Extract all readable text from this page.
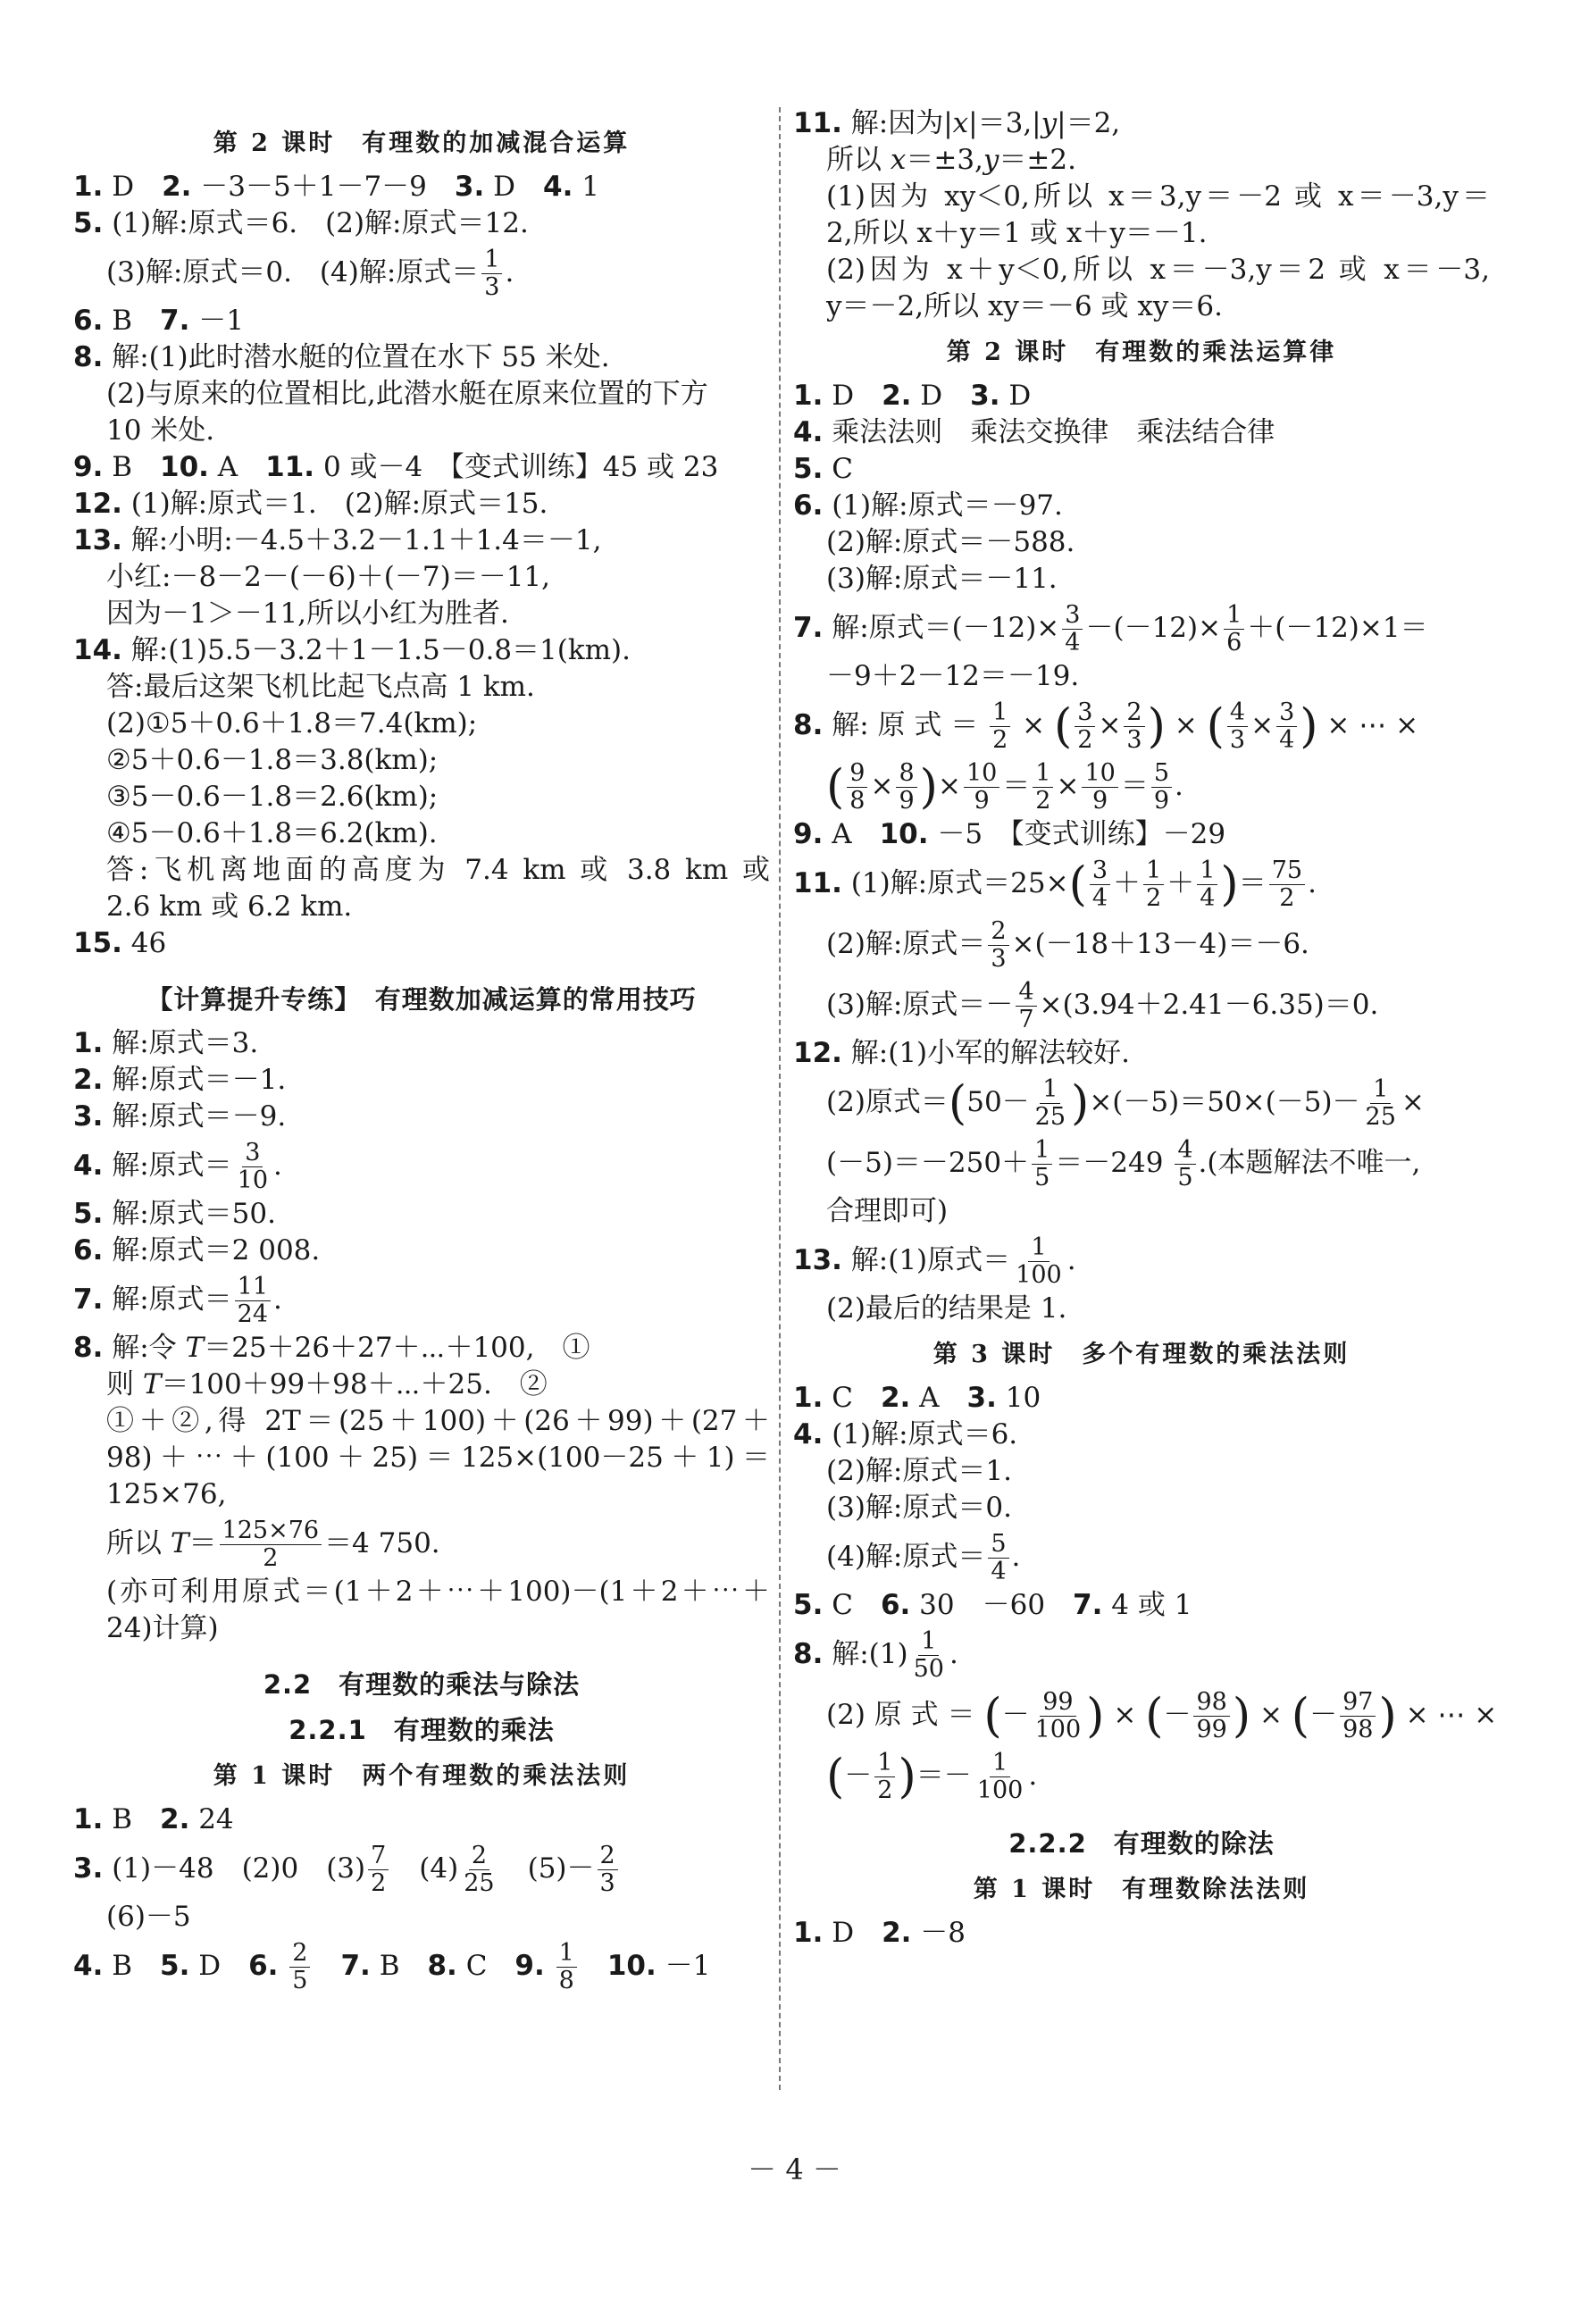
第 2 课时　有理数的加减混合运算
1. D　2. －3－5＋1－7－9　3. D　4. 1
5. (1)解:原式＝6.　(2)解:原式＝12.
(3)解:原式＝0.　(4)解:原式＝ $\frac{1}{3}$ .
6. B　7. －1
8. 解:(1)此时潜水艇的位置在水下 55 米处.
(2)与原来的位置相比,此潜水艇在原来位置的下方
10 米处.
9. B　10. A　11. 0 或－4　【变式训练】45 或 23
12. (1)解:原式＝1.　(2)解:原式＝15.
13. 解:小明:－4.5＋3.2－1.1＋1.4＝－1,
小红:－8－2－(－6)＋(－7)＝－11,
因为－1＞－11,所以小红为胜者.
14. 解:(1)5.5－3.2＋1－1.5－0.8＝1(km).
答:最后这架飞机比起飞点高 1 km.
(2)①5＋0.6＋1.8＝7.4(km);
②5＋0.6－1.8＝3.8(km);
③5－0.6－1.8＝2.6(km);
④5－0.6＋1.8＝6.2(km).
答:飞机离地面的高度为 7.4 km 或 3.8 km 或
2.6 km 或 6.2 km.
15. 46
【计算提升专练】　有理数加减运算的常用技巧
1. 解:原式＝3.
2. 解:原式＝－1.
3. 解:原式＝－9.
4. 解:原式＝ $\frac{3}{10}$ .
5. 解:原式＝50.
6. 解:原式＝2 008.
7. 解:原式＝ $\frac{11}{24}$ .
8. 解:令 T＝25＋26＋27＋⋯＋100,　①
则 T＝100＋99＋98＋⋯＋25.　②
①＋②,得 2T＝(25＋100)＋(26＋99)＋(27＋
98)＋⋯＋(100＋25)＝125×(100－25＋1)＝
125×76,
所以 $T= \frac{125\times 76}{2} =4$ 750.
(亦可利用原式＝(1＋2＋⋯＋100)－(1＋2＋⋯＋
24)计算)
2.2　有理数的乘法与除法
2.2.1　有理数的乘法
第 1 课时　两个有理数的乘法法则
1. B　2. 24
3. (1)－48　(2)0　$(3) \frac{7}{2}$ 　$(4) \frac{2}{25}$ 　$(5)- \frac{2}{3}$
(6)－5
4. B　5. D　6. $\frac{2}{5}$
　 7. B　8. C　9. $\frac{1}{8}$
　 10. －1
11. 解:因为|x|＝3,|y|＝2,
所以 x＝±3,y＝±2.
(1)因为 xy＜0,所以 x＝3,y＝－2 或 x＝－3,y＝
2,所以 x＋y＝1 或 x＋y＝－1.
(2)因为 x＋y＜0,所以 x＝－3,y＝2 或 x＝－3,
y＝－2,所以 xy＝－6 或 xy＝6.
第 2 课时　有理数的乘法运算律
1. D　2. D　3. D
4. 乘法法则　乘法交换律　乘法结合律
5. C
6. (1)解:原式＝－97.
(2)解:原式＝－588.
(3)解:原式＝－11.
7. 解:原式$=(-12)\times \frac{3}{4} -(-12)\times \frac{1}{6} +(-12)\times 1=$
－9＋2－12＝－19.
8. 解: 原 式 ＝ $\frac{1}{2}$ × ( $\frac{3}{2} \times \frac{2}{3}$ ) × ( $\frac{4}{3} \times \frac{3}{4}$ ) × ⋯ ×
( $\frac{9}{8} \times \frac{8}{9}$ )× $\frac{10}{9} = \frac{1}{2} \times \frac{10}{9} = \frac{5}{9}$ .
9. A　10. －5　【变式训练】－29
11. (1)解:原式$=25\times( \frac{3}{4} + \frac{1}{2} + \frac{1}{4}$ )＝ $\frac{75}{2}$ .
(2)解:原式＝ $\frac{2}{3} \times(-18+13-4)=-6$.
(3)解:原式＝－ $\frac{4}{7} \times(3.94+2.41-6.35)=0$.
12. 解:(1)小军的解法较好.
(2)原式$=(50- \frac{1}{25} )\times(-5)=50\times(-5)- \frac{1}{25}$ ×
$(-5)=-250+ \frac{1}{5} =-249 \frac{4}{5}$ .(本题解法不唯一,
合理即可)
13. 解:(1)原式＝ $\frac{1}{100}$ .
(2)最后的结果是 1.
第 3 课时　多个有理数的乘法法则
1. C　2. A　3. 10
4. (1)解:原式＝6.
(2)解:原式＝1.
(3)解:原式＝0.
(4)解:原式＝ $\frac{5}{4}$ .
5. C　6. 30　－60　7. 4 或 1
8. 解:(1) $\frac{1}{50}$ .
(2) 原 式 ＝ (－ $\frac{99}{100}$ ) × (－ $\frac{98}{99}$ ) × (－ $\frac{97}{98}$ ) × ⋯ ×
(－ $\frac{1}{2}$ )＝－ $\frac{1}{100}$ .
2.2.2　有理数的除法
第 1 课时　有理数除法法则
1. D　2. －8
－ 4 －
